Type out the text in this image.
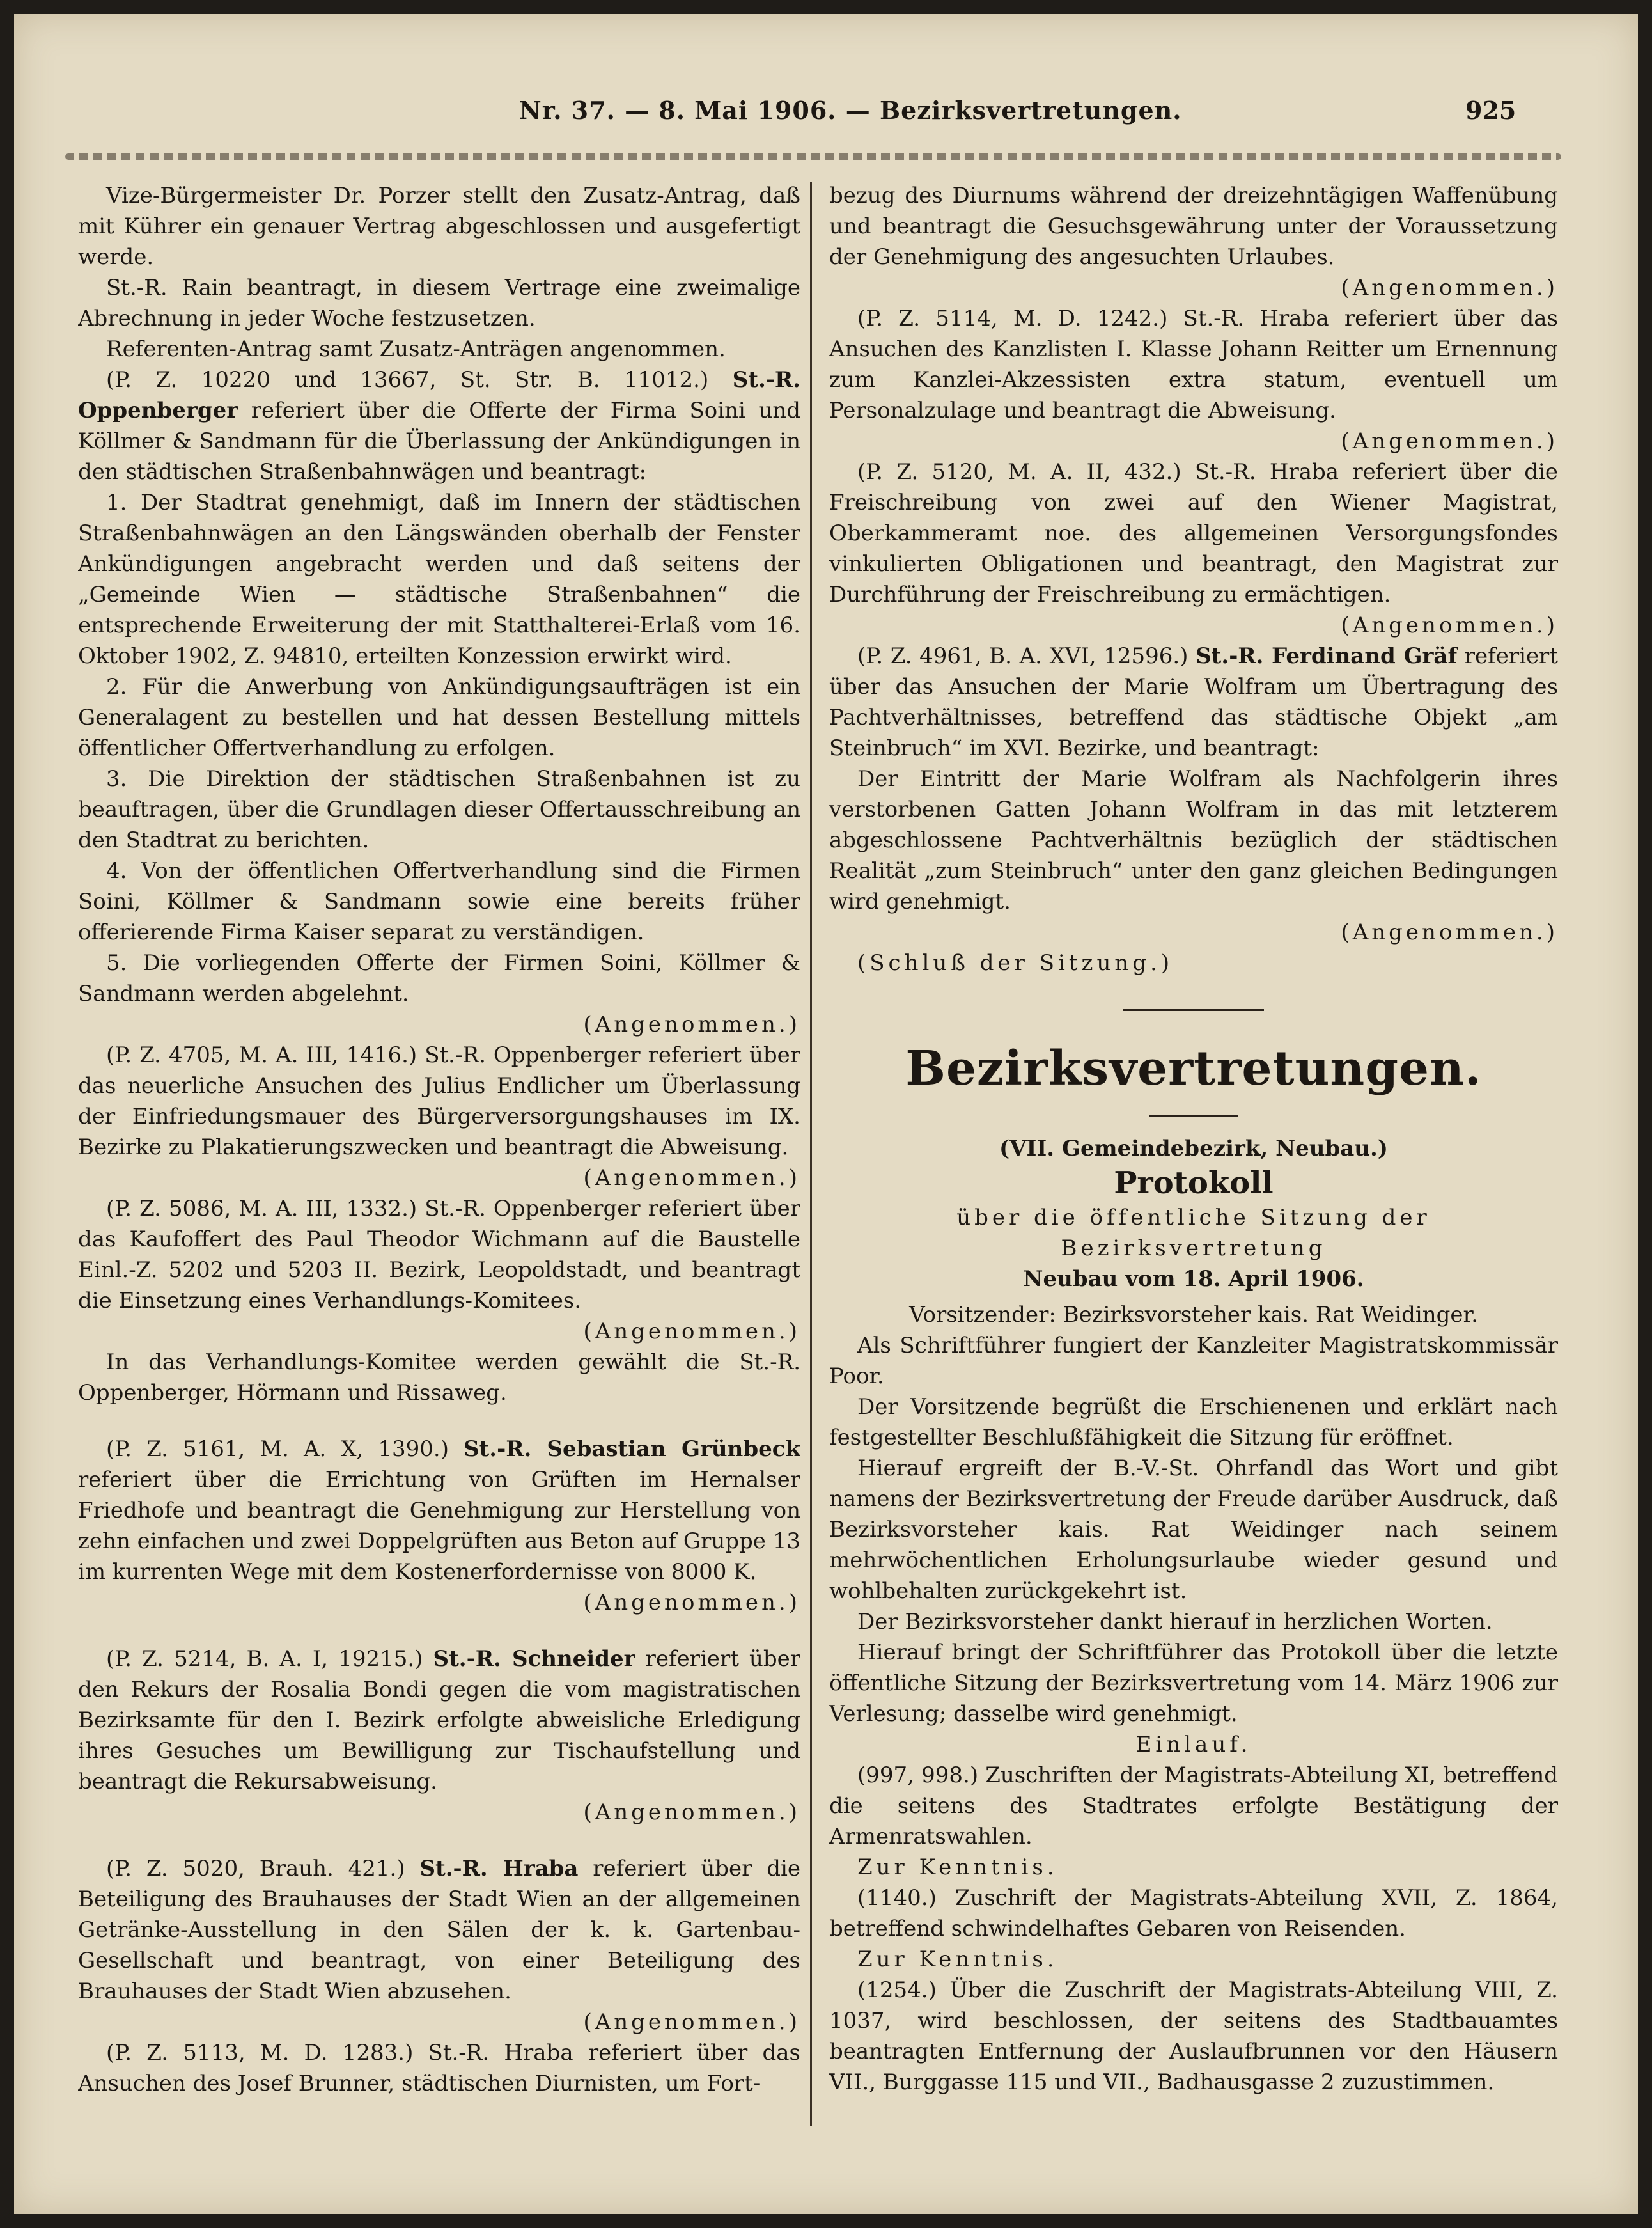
Nr. 37. — 8. Mai 1906. — Bezirksvertretungen.	925

Vize-Bürgermeister Dr. Porzer stellt den Zusatz-Antrag, daß mit Kührer ein genauer Vertrag abgeschlossen und ausgefertigt werde.

St.-R. Rain beantragt, in diesem Vertrage eine zweimalige Abrechnung in jeder Woche festzusetzen.

Referenten-Antrag samt Zusatz-Anträgen angenommen.

(P. Z. 10220 und 13667, St. Str. B. 11012.) St.-R. Oppenberger referiert über die Offerte der Firma Soini und Köllmer & Sandmann für die Überlassung der Ankündigungen in den städtischen Straßenbahnwägen und beantragt:

1. Der Stadtrat genehmigt, daß im Innern der städtischen Straßenbahnwägen an den Längswänden oberhalb der Fenster Ankündigungen angebracht werden und daß seitens der „Gemeinde Wien — städtische Straßenbahnen“ die entsprechende Erweiterung der mit Statthalterei-Erlaß vom 16. Oktober 1902, Z. 94810, erteilten Konzession erwirkt wird.

2. Für die Anwerbung von Ankündigungsaufträgen ist ein Generalagent zu bestellen und hat dessen Bestellung mittels öffentlicher Offertverhandlung zu erfolgen.

3. Die Direktion der städtischen Straßenbahnen ist zu beauftragen, über die Grundlagen dieser Offertausschreibung an den Stadtrat zu berichten.

4. Von der öffentlichen Offertverhandlung sind die Firmen Soini, Köllmer & Sandmann sowie eine bereits früher offerierende Firma Kaiser separat zu verständigen.

5. Die vorliegenden Offerte der Firmen Soini, Köllmer & Sandmann werden abgelehnt.

(Angenommen.)

(P. Z. 4705, M. A. III, 1416.) St.-R. Oppenberger referiert über das neuerliche Ansuchen des Julius Endlicher um Überlassung der Einfriedungsmauer des Bürgerversorgungshauses im IX. Bezirke zu Plakatierungszwecken und beantragt die Abweisung.

(Angenommen.)

(P. Z. 5086, M. A. III, 1332.) St.-R. Oppenberger referiert über das Kaufoffert des Paul Theodor Wichmann auf die Baustelle Einl.-Z. 5202 und 5203 II. Bezirk, Leopoldstadt, und beantragt die Einsetzung eines Verhandlungs-Komitees.

(Angenommen.)

In das Verhandlungs-Komitee werden gewählt die St.-R. Oppenberger, Hörmann und Rissaweg.

(P. Z. 5161, M. A. X, 1390.) St.-R. Sebastian Grünbeck referiert über die Errichtung von Grüften im Hernalser Friedhofe und beantragt die Genehmigung zur Herstellung von zehn einfachen und zwei Doppelgrüften aus Beton auf Gruppe 13 im kurrenten Wege mit dem Kostenerfordernisse von 8000 K.

(Angenommen.)

(P. Z. 5214, B. A. I, 19215.) St.-R. Schneider referiert über den Rekurs der Rosalia Bondi gegen die vom magistratischen Bezirksamte für den I. Bezirk erfolgte abweisliche Erledigung ihres Gesuches um Bewilligung zur Tischaufstellung und beantragt die Rekursabweisung.

(Angenommen.)

(P. Z. 5020, Brauh. 421.) St.-R. Hraba referiert über die Beteiligung des Brauhauses der Stadt Wien an der allgemeinen Getränke-Ausstellung in den Sälen der k. k. Gartenbau-Gesellschaft und beantragt, von einer Beteiligung des Brauhauses der Stadt Wien abzusehen.

(Angenommen.)

(P. Z. 5113, M. D. 1283.) St.-R. Hraba referiert über das Ansuchen des Josef Brunner, städtischen Diurnisten, um Fort-

bezug des Diurnums während der dreizehntägigen Waffenübung und beantragt die Gesuchsgewährung unter der Voraussetzung der Genehmigung des angesuchten Urlaubes.

(Angenommen.)

(P. Z. 5114, M. D. 1242.) St.-R. Hraba referiert über das Ansuchen des Kanzlisten I. Klasse Johann Reitter um Ernennung zum Kanzlei-Akzessisten extra statum, eventuell um Personalzulage und beantragt die Abweisung.

(Angenommen.)

(P. Z. 5120, M. A. II, 432.) St.-R. Hraba referiert über die Freischreibung von zwei auf den Wiener Magistrat, Oberkammeramt noe. des allgemeinen Versorgungsfondes vinkulierten Obligationen und beantragt, den Magistrat zur Durchführung der Freischreibung zu ermächtigen.

(Angenommen.)

(P. Z. 4961, B. A. XVI, 12596.) St.-R. Ferdinand Gräf referiert über das Ansuchen der Marie Wolfram um Übertragung des Pachtverhältnisses, betreffend das städtische Objekt „am Steinbruch“ im XVI. Bezirke, und beantragt:

Der Eintritt der Marie Wolfram als Nachfolgerin ihres verstorbenen Gatten Johann Wolfram in das mit letzterem abgeschlossene Pachtverhältnis bezüglich der städtischen Realität „zum Steinbruch“ unter den ganz gleichen Bedingungen wird genehmigt.

(Angenommen.)

(Schluß der Sitzung.)

Bezirksvertretungen.

(VII. Gemeindebezirk, Neubau.)

Protokoll

über die öffentliche Sitzung der Bezirksvertretung

Neubau vom 18. April 1906.

Vorsitzender: Bezirksvorsteher kais. Rat Weidinger.

Als Schriftführer fungiert der Kanzleiter Magistratskommissär Poor.

Der Vorsitzende begrüßt die Erschienenen und erklärt nach festgestellter Beschlußfähigkeit die Sitzung für eröffnet.

Hierauf ergreift der B.-V.-St. Ohrfandl das Wort und gibt namens der Bezirksvertretung der Freude darüber Ausdruck, daß Bezirksvorsteher kais. Rat Weidinger nach seinem mehrwöchentlichen Erholungsurlaube wieder gesund und wohlbehalten zurückgekehrt ist.

Der Bezirksvorsteher dankt hierauf in herzlichen Worten.

Hierauf bringt der Schriftführer das Protokoll über die letzte öffentliche Sitzung der Bezirksvertretung vom 14. März 1906 zur Verlesung; dasselbe wird genehmigt.

Einlauf.

(997, 998.) Zuschriften der Magistrats-Abteilung XI, betreffend die seitens des Stadtrates erfolgte Bestätigung der Armenratswahlen.

Zur Kenntnis.

(1140.) Zuschrift der Magistrats-Abteilung XVII, Z. 1864, betreffend schwindelhaftes Gebaren von Reisenden.

Zur Kenntnis.

(1254.) Über die Zuschrift der Magistrats-Abteilung VIII, Z. 1037, wird beschlossen, der seitens des Stadtbauamtes beantragten Entfernung der Auslaufbrunnen vor den Häusern VII., Burggasse 115 und VII., Badhausgasse 2 zuzustimmen.
